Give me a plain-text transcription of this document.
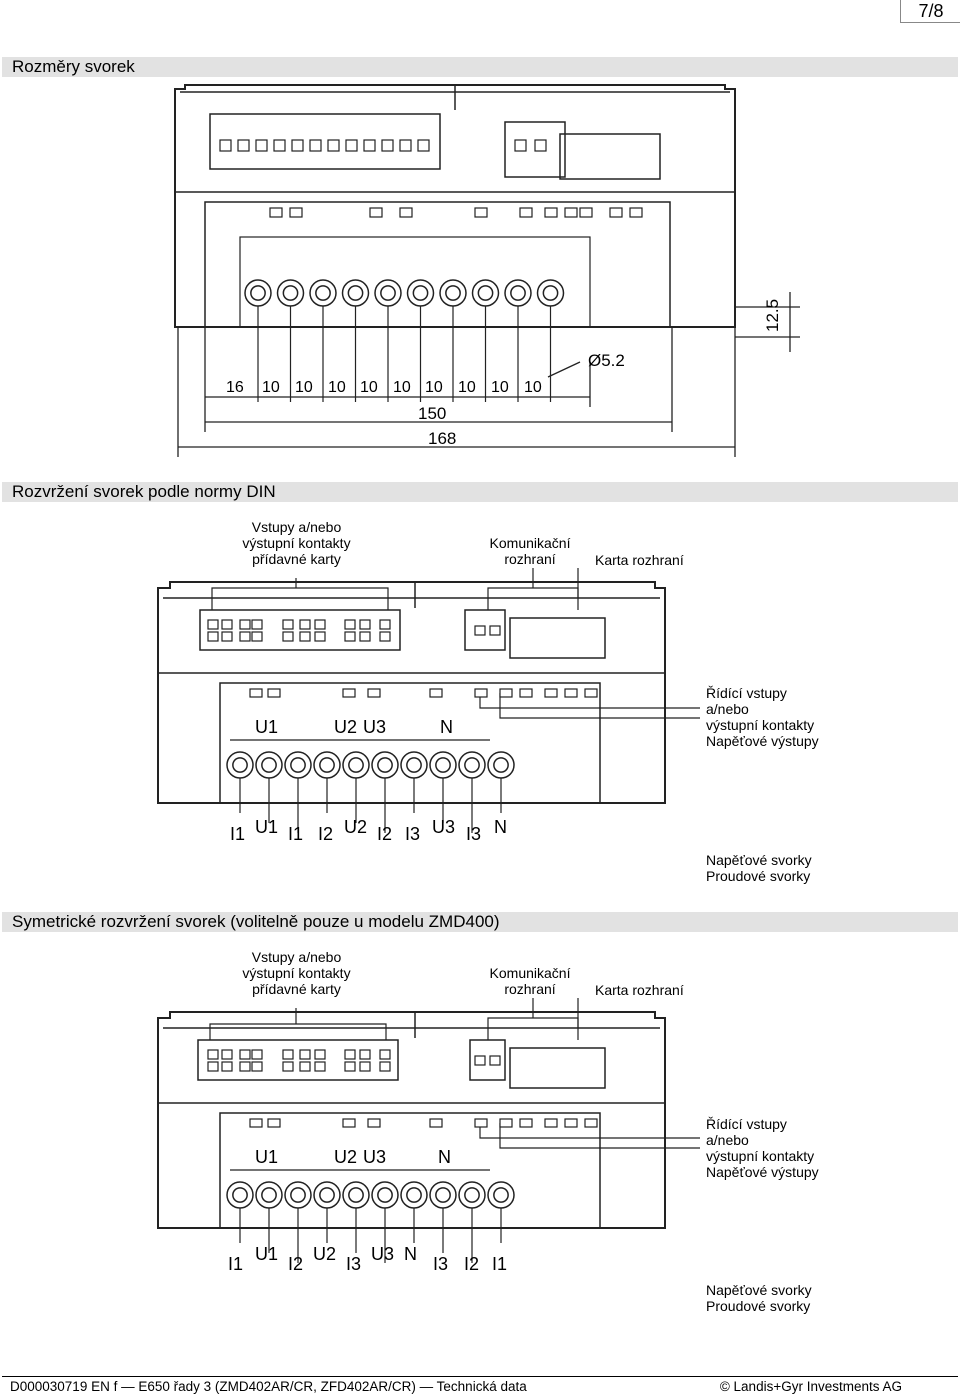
7/8
Rozměry svorek
16 10 10 10 10 10 10 10 10 10
Ø5.2
150
168
12.5
Rozvržení svorek podle normy DIN
Vstupy a/nebo
výstupní kontakty
přídavné karty
Komunikační
rozhraní	Karta rozhraní
Řídící vstupy
a/nebo
výstupní kontakty
Napěťové výstupy
Napěťové svorky
Proudové svorky
U1	U2 U3	N
I1 U1 I1 I2 U2 I2 I3 U3 I3 N
Symetrické rozvržení svorek (volitelně pouze u modelu ZMD400)
Vstupy a/nebo
výstupní kontakty
přídavné karty
Komunikační
rozhraní	Karta rozhraní
Řídící vstupy
a/nebo
výstupní kontakty
Napěťové výstupy
Napěťové svorky
Proudové svorky
U1	U2 U3	N
I1 U1 I2 U2 I3 U3 N I3 I2 I1
D000030719 EN f — E650 řady 3 (ZMD402AR/CR, ZFD402AR/CR) — Technická data	© Landis+Gyr Investments AG
